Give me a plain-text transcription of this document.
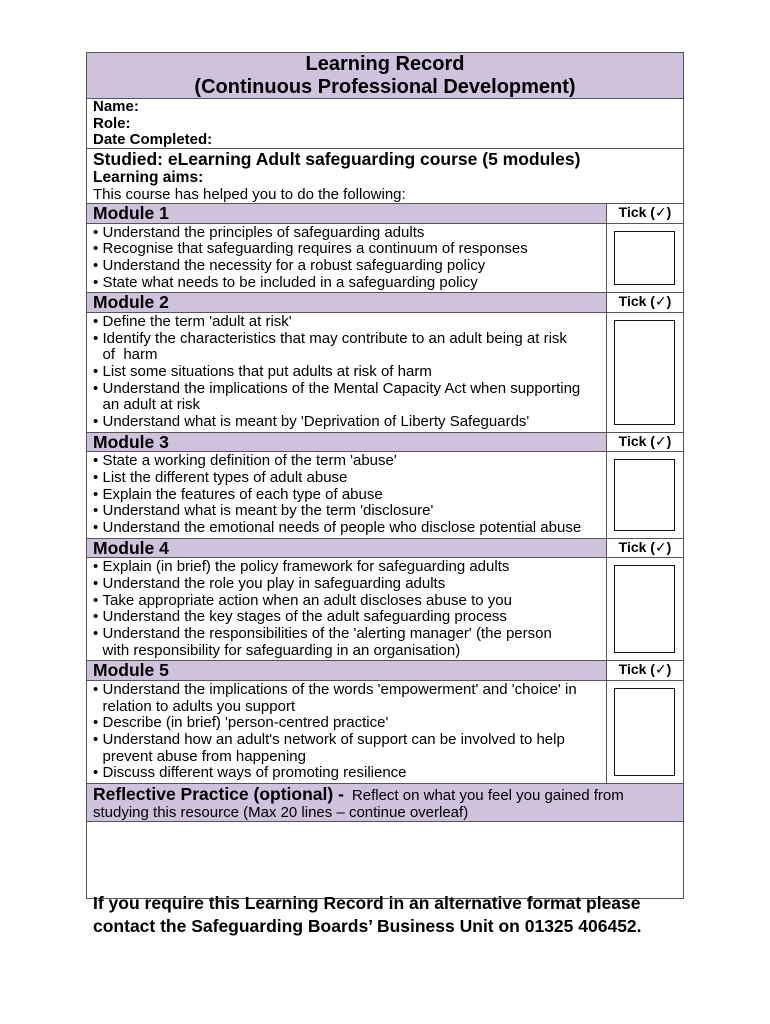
Learning Record
(Continuous Professional Development)
Name:
Role:
Date Completed:
Studied: eLearning Adult safeguarding course (5 modules)
Learning aims:
This course has helped you to do the following:
Module 1	Tick (✓)
• Understand the principles of safeguarding adults
• Recognise that safeguarding requires a continuum of responses
• Understand the necessity for a robust safeguarding policy
• State what needs to be included in a safeguarding policy
Module 2	Tick (✓)
• Define the term 'adult at risk'
• Identify the characteristics that may contribute to an adult being at risk
of  harm
• List some situations that put adults at risk of harm
• Understand the implications of the Mental Capacity Act when supporting
an adult at risk
• Understand what is meant by 'Deprivation of Liberty Safeguards'
Module 3	Tick (✓)
• State a working definition of the term 'abuse'
• List the different types of adult abuse
• Explain the features of each type of abuse
• Understand what is meant by the term 'disclosure'
• Understand the emotional needs of people who disclose potential abuse
Module 4	Tick (✓)
• Explain (in brief) the policy framework for safeguarding adults
• Understand the role you play in safeguarding adults
• Take appropriate action when an adult discloses abuse to you
• Understand the key stages of the adult safeguarding process
• Understand the responsibilities of the 'alerting manager' (the person
with responsibility for safeguarding in an organisation)
Module 5	Tick (✓)
• Understand the implications of the words 'empowerment' and 'choice' in
relation to adults you support
• Describe (in brief) 'person-centred practice'
• Understand how an adult's network of support can be involved to help
prevent abuse from happening
• Discuss different ways of promoting resilience
Reflective Practice (optional) - Reflect on what you feel you gained from studying this resource (Max 20 lines – continue overleaf)
If you require this Learning Record in an alternative format please contact the Safeguarding Boards’ Business Unit on 01325 406452.
